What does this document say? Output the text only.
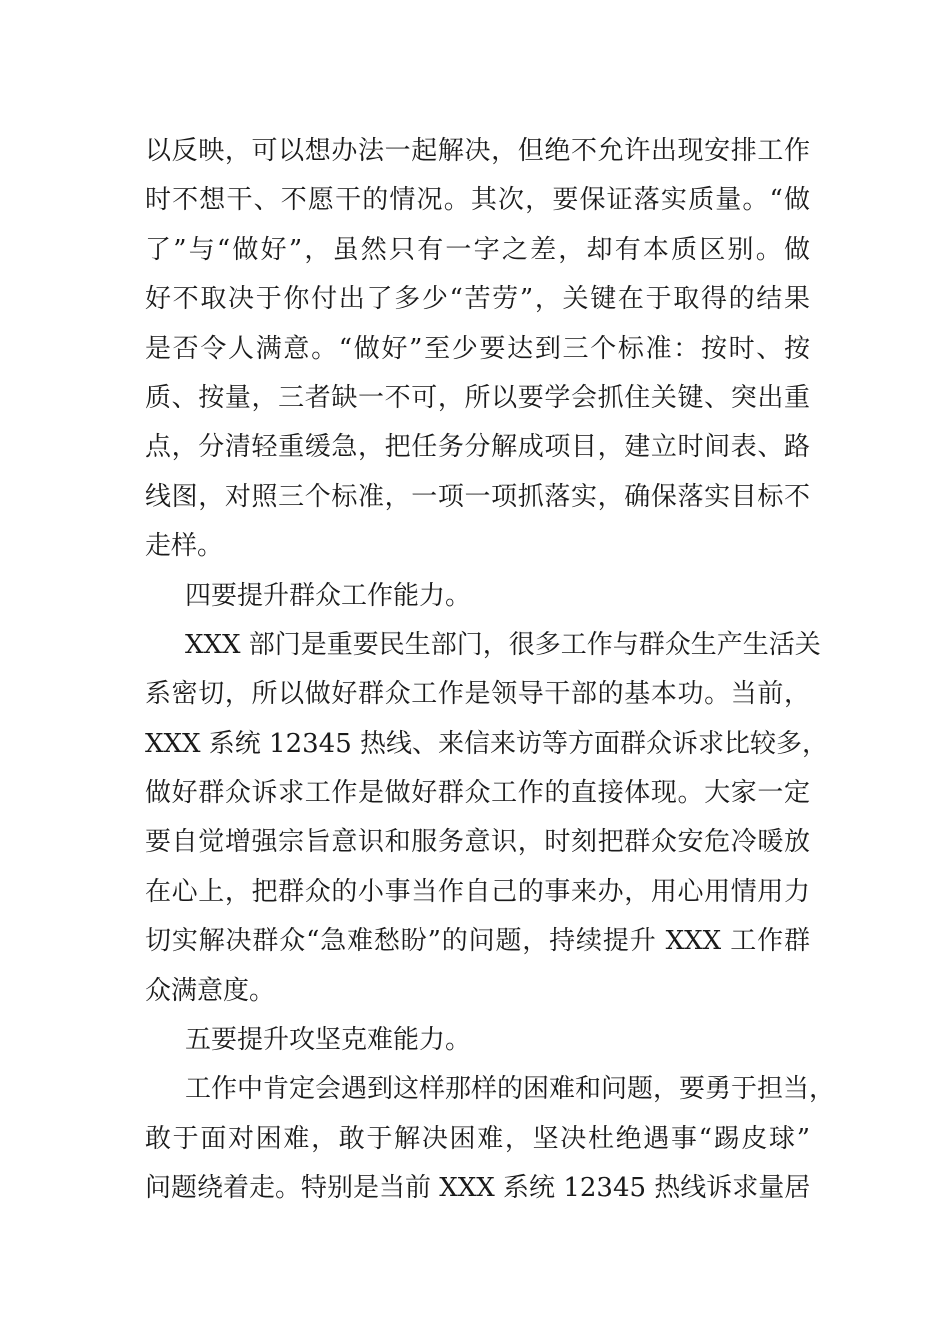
以反映，可以想办法一起解决，但绝不允许出现安排工作
时不想干、不愿干的情况。其次，要保证落实质量。“做
了”与“做好”，虽然只有一字之差，却有本质区别。做
好不取决于你付出了多少“苦劳”，关键在于取得的结果
是否令人满意。“做好”至少要达到三个标准：按时、按
质、按量，三者缺一不可，所以要学会抓住关键、突出重
点，分清轻重缓急，把任务分解成项目，建立时间表、路
线图，对照三个标准，一项一项抓落实，确保落实目标不
走样。
四要提升群众工作能力。
XXX 部门是重要民生部门，很多工作与群众生产生活关
系密切，所以做好群众工作是领导干部的基本功。当前，
XXX 系统 12345 热线、来信来访等方面群众诉求比较多，
做好群众诉求工作是做好群众工作的直接体现。大家一定
要自觉增强宗旨意识和服务意识，时刻把群众安危冷暖放
在心上，把群众的小事当作自己的事来办，用心用情用力
切实解决群众“急难愁盼”的问题，持续提升 XXX 工作群
众满意度。
五要提升攻坚克难能力。
工作中肯定会遇到这样那样的困难和问题，要勇于担当，
敢于面对困难，敢于解决困难，坚决杜绝遇事“踢皮球”
问题绕着走。特别是当前 XXX 系统 12345 热线诉求量居
